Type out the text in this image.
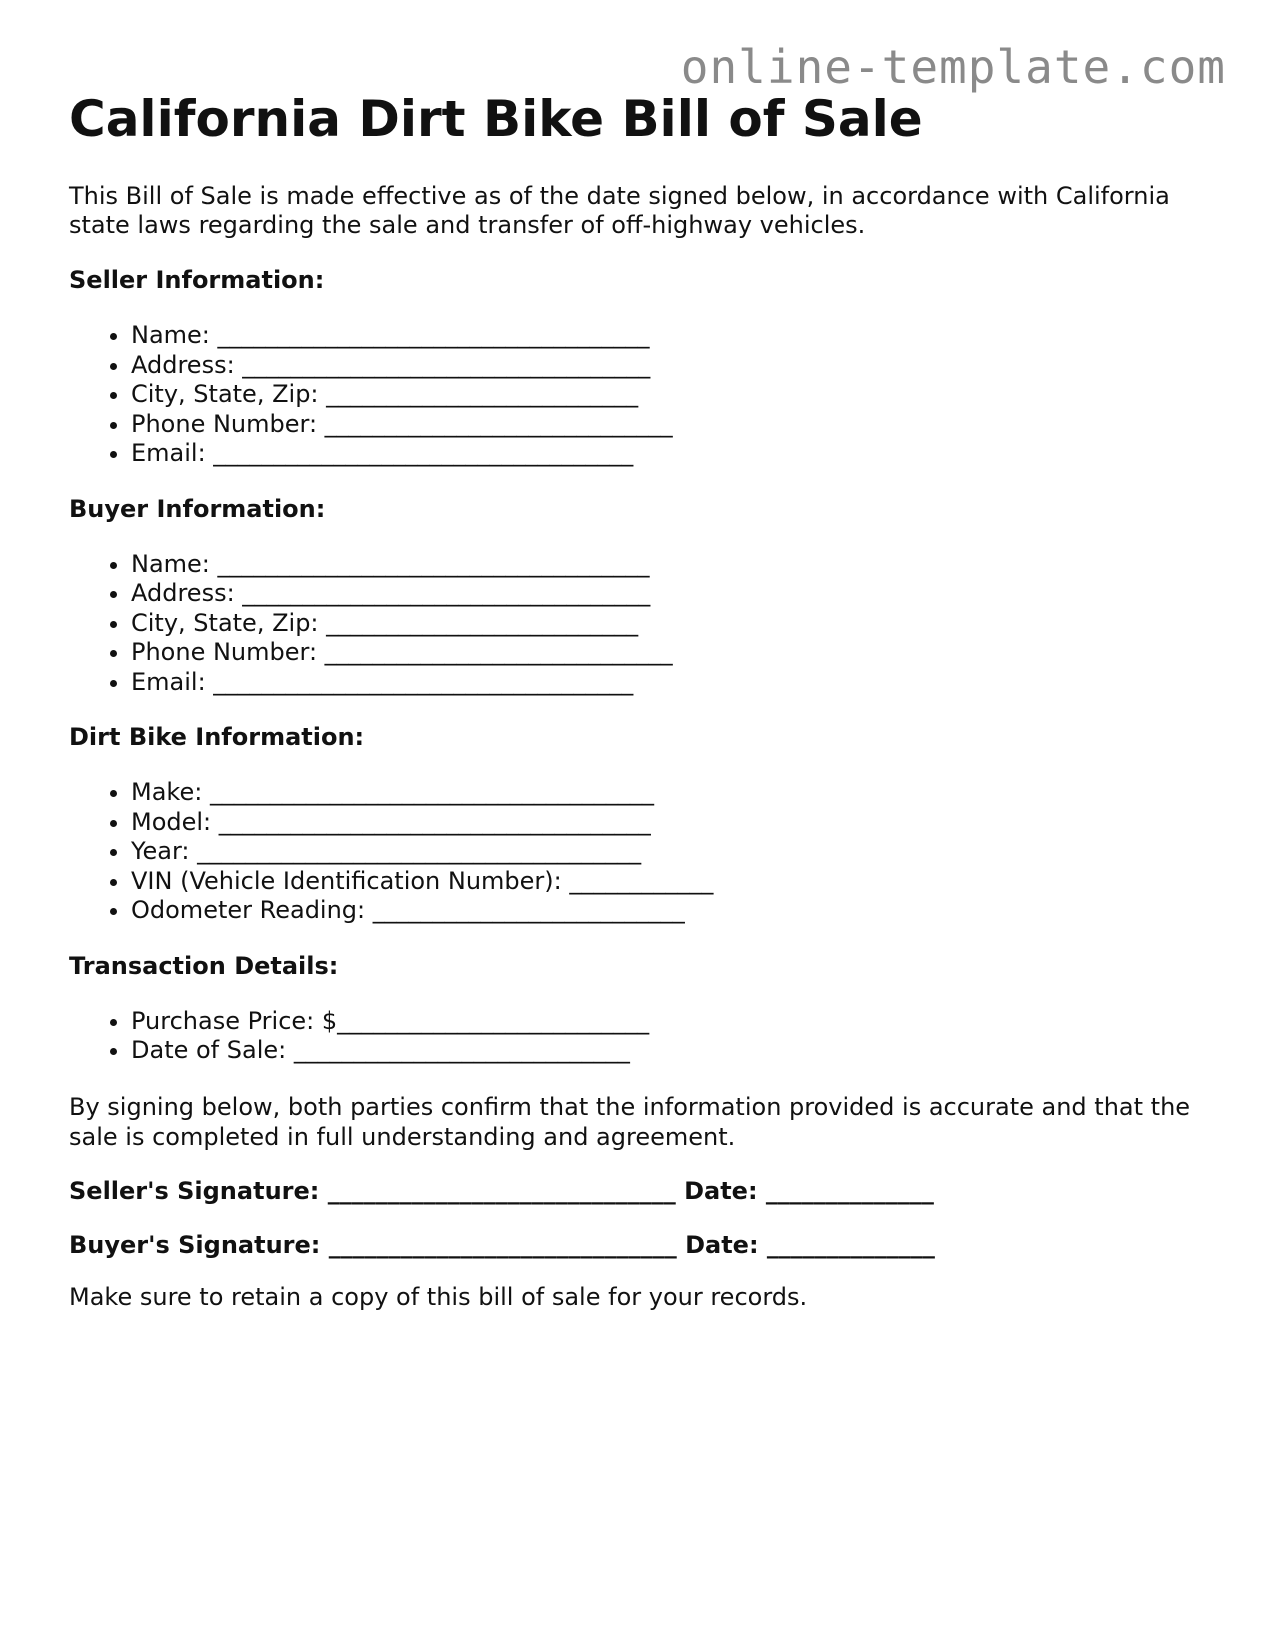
online-template.com
California Dirt Bike Bill of Sale

This Bill of Sale is made effective as of the date signed below, in accordance with California state laws regarding the sale and transfer of off-highway vehicles.

Seller Information:
• Name: ____________________________________
• Address: __________________________________
• City, State, Zip: __________________________
• Phone Number: _____________________________
• Email: ___________________________________
Buyer Information:
• Name: ____________________________________
• Address: __________________________________
• City, State, Zip: __________________________
• Phone Number: _____________________________
• Email: ___________________________________
Dirt Bike Information:
• Make: _____________________________________
• Model: ____________________________________
• Year: _____________________________________
• VIN (Vehicle Identification Number): ____________
• Odometer Reading: __________________________
Transaction Details:
• Purchase Price: $__________________________
• Date of Sale: ____________________________

By signing below, both parties confirm that the information provided is accurate and that the sale is completed in full understanding and agreement.

Seller's Signature: _____________________________ Date: ______________
Buyer's Signature: _____________________________ Date: ______________

Make sure to retain a copy of this bill of sale for your records.
